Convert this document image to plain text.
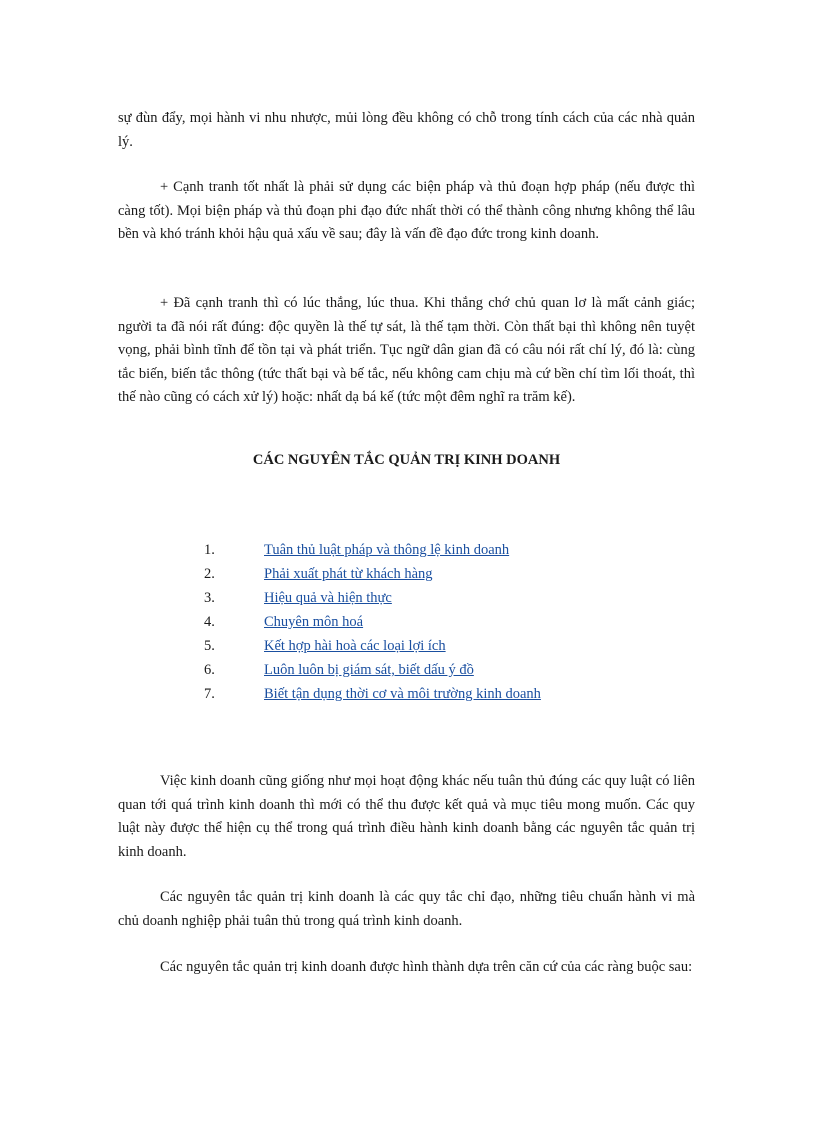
sự đùn đẩy, mọi hành vi nhu nhược, mủi lòng đều không có chỗ trong tính cách của các nhà quản lý.

+ Cạnh tranh tốt nhất là phải sử dụng các biện pháp và thủ đoạn hợp pháp (nếu được thì càng tốt). Mọi biện pháp và thủ đoạn phi đạo đức nhất thời có thể thành công nhưng không thể lâu bền và khó tránh khỏi hậu quả xấu về sau; đây là vấn đề đạo đức trong kinh doanh.

+ Đã cạnh tranh thì có lúc thắng, lúc thua. Khi thắng chớ chủ quan lơ là mất cảnh giác; người ta đã nói rất đúng: độc quyền là thế tự sát, là thế tạm thời. Còn thất bại thì không nên tuyệt vọng, phải bình tĩnh để tồn tại và phát triển. Tục ngữ dân gian đã có câu nói rất chí lý, đó là: cùng tắc biến, biến tắc thông (tức thất bại và bế tắc, nếu không cam chịu mà cứ bền chí tìm lối thoát, thì thế nào cũng có cách xử lý) hoặc: nhất dạ bá kế (tức một đêm nghĩ ra trăm kế).

CÁC NGUYÊN TẮC QUẢN TRỊ KINH DOANH
1.	Tuân thủ luật pháp và thông lệ kinh doanh
2.	Phải xuất phát từ khách hàng
3.	Hiệu quả và hiện thực
4.	Chuyên môn hoá
5.	Kết hợp hài hoà các loại lợi ích
6.	Luôn luôn bị giám sát, biết dấu ý đồ
7.	Biết tận dụng thời cơ và môi trường kinh doanh

Việc kinh doanh cũng giống như mọi hoạt động khác nếu tuân thủ đúng các quy luật có liên quan tới quá trình kinh doanh thì mới có thể thu được kết quả và mục tiêu mong muốn. Các quy luật này được thể hiện cụ thể trong quá trình điều hành kinh doanh bằng các nguyên tắc quản trị kinh doanh.

Các nguyên tắc quản trị kinh doanh là các quy tắc chỉ đạo, những tiêu chuẩn hành vi mà chủ doanh nghiệp phải tuân thủ trong quá trình kinh doanh.

Các nguyên tắc quản trị kinh doanh được hình thành dựa trên căn cứ của các ràng buộc sau:
